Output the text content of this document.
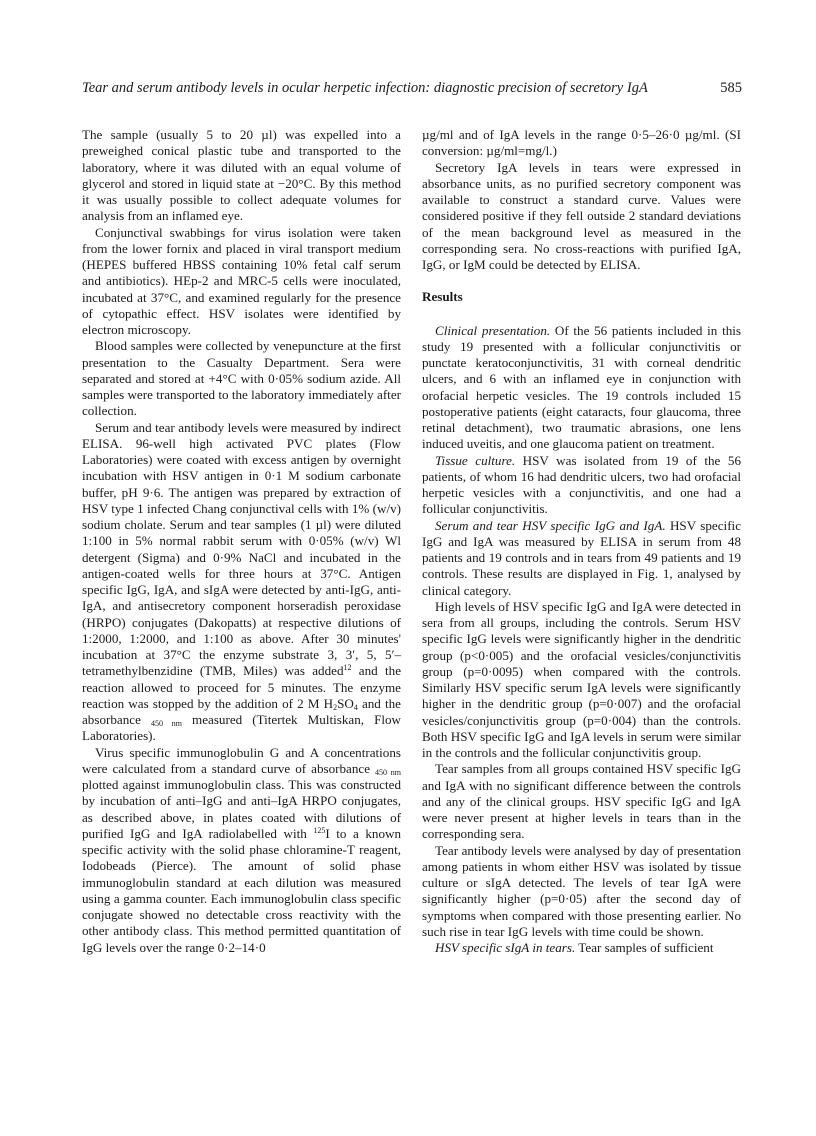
Tear and serum antibody levels in ocular herpetic infection: diagnostic precision of secretory IgA	585

The sample (usually 5 to 20 µl) was expelled into a preweighed conical plastic tube and transported to the laboratory, where it was diluted with an equal volume of glycerol and stored in liquid state at −20°C. By this method it was usually possible to collect adequate volumes for analysis from an inflamed eye.

Conjunctival swabbings for virus isolation were taken from the lower fornix and placed in viral transport medium (HEPES buffered HBSS containing 10% fetal calf serum and antibiotics). HEp-2 and MRC-5 cells were inoculated, incubated at 37°C, and examined regularly for the presence of cytopathic effect. HSV isolates were identified by electron microscopy.

Blood samples were collected by venepuncture at the first presentation to the Casualty Department. Sera were separated and stored at +4°C with 0·05% sodium azide. All samples were transported to the laboratory immediately after collection.

Serum and tear antibody levels were measured by indirect ELISA. 96-well high activated PVC plates (Flow Laboratories) were coated with excess antigen by overnight incubation with HSV antigen in 0·1 M sodium carbonate buffer, pH 9·6. The antigen was prepared by extraction of HSV type 1 infected Chang conjunctival cells with 1% (w/v) sodium cholate. Serum and tear samples (1 µl) were diluted 1:100 in 5% normal rabbit serum with 0·05% (w/v) Wl detergent (Sigma) and 0·9% NaCl and incubated in the antigen-coated wells for three hours at 37°C. Antigen specific IgG, IgA, and sIgA were detected by anti-IgG, anti-IgA, and antisecretory component horseradish peroxidase (HRPO) conjugates (Dakopatts) at respective dilutions of 1:2000, 1:2000, and 1:100 as above. After 30 minutes' incubation at 37°C the enzyme substrate 3, 3′, 5, 5′–tetramethylbenzidine (TMB, Miles) was added$^{12}$ and the reaction allowed to proceed for 5 minutes. The enzyme reaction was stopped by the addition of 2 M $H_2SO_4$ and the absorbance $_{450 nm}$ measured (Titertek Multiskan, Flow Laboratories).

Virus specific immunoglobulin G and A concentrations were calculated from a standard curve of absorbance $_{450 nm}$ plotted against immunoglobulin class. This was constructed by incubation of anti–IgG and anti–IgA HRPO conjugates, as described above, in plates coated with dilutions of purified IgG and IgA radiolabelled with $^{125}$I to a known specific activity with the solid phase chloramine-T reagent, Iodobeads (Pierce). The amount of solid phase immunoglobulin standard at each dilution was measured using a gamma counter. Each immunoglobulin class specific conjugate showed no detectable cross reactivity with the other antibody class. This method permitted quantitation of IgG levels over the range 0·2–14·0

µg/ml and of IgA levels in the range 0·5–26·0 µg/ml. (SI conversion: µg/ml=mg/l.)

Secretory IgA levels in tears were expressed in absorbance units, as no purified secretory component was available to construct a standard curve. Values were considered positive if they fell outside 2 standard deviations of the mean background level as measured in the corresponding sera. No cross-reactions with purified IgA, IgG, or IgM could be detected by ELISA.

Results

Clinical presentation. Of the 56 patients included in this study 19 presented with a follicular conjunctivitis or punctate keratoconjunctivitis, 31 with corneal dendritic ulcers, and 6 with an inflamed eye in conjunction with orofacial herpetic vesicles. The 19 controls included 15 postoperative patients (eight cataracts, four glaucoma, three retinal detachment), two traumatic abrasions, one lens induced uveitis, and one glaucoma patient on treatment.

Tissue culture. HSV was isolated from 19 of the 56 patients, of whom 16 had dendritic ulcers, two had orofacial herpetic vesicles with a conjunctivitis, and one had a follicular conjunctivitis.

Serum and tear HSV specific IgG and IgA. HSV specific IgG and IgA was measured by ELISA in serum from 48 patients and 19 controls and in tears from 49 patients and 19 controls. These results are displayed in Fig. 1, analysed by clinical category.

High levels of HSV specific IgG and IgA were detected in sera from all groups, including the controls. Serum HSV specific IgG levels were significantly higher in the dendritic group (p<0·005) and the orofacial vesicles/conjunctivitis group (p=0·0095) when compared with the controls. Similarly HSV specific serum IgA levels were significantly higher in the dendritic group (p=0·007) and the orofacial vesicles/conjunctivitis group (p=0·004) than the controls. Both HSV specific IgG and IgA levels in serum were similar in the controls and the follicular conjunctivitis group.

Tear samples from all groups contained HSV specific IgG and IgA with no significant difference between the controls and any of the clinical groups. HSV specific IgG and IgA were never present at higher levels in tears than in the corresponding sera.

Tear antibody levels were analysed by day of presentation among patients in whom either HSV was isolated by tissue culture or sIgA detected. The levels of tear IgA were significantly higher (p=0·05) after the second day of symptoms when compared with those presenting earlier. No such rise in tear IgG levels with time could be shown.

HSV specific sIgA in tears. Tear samples of sufficient
